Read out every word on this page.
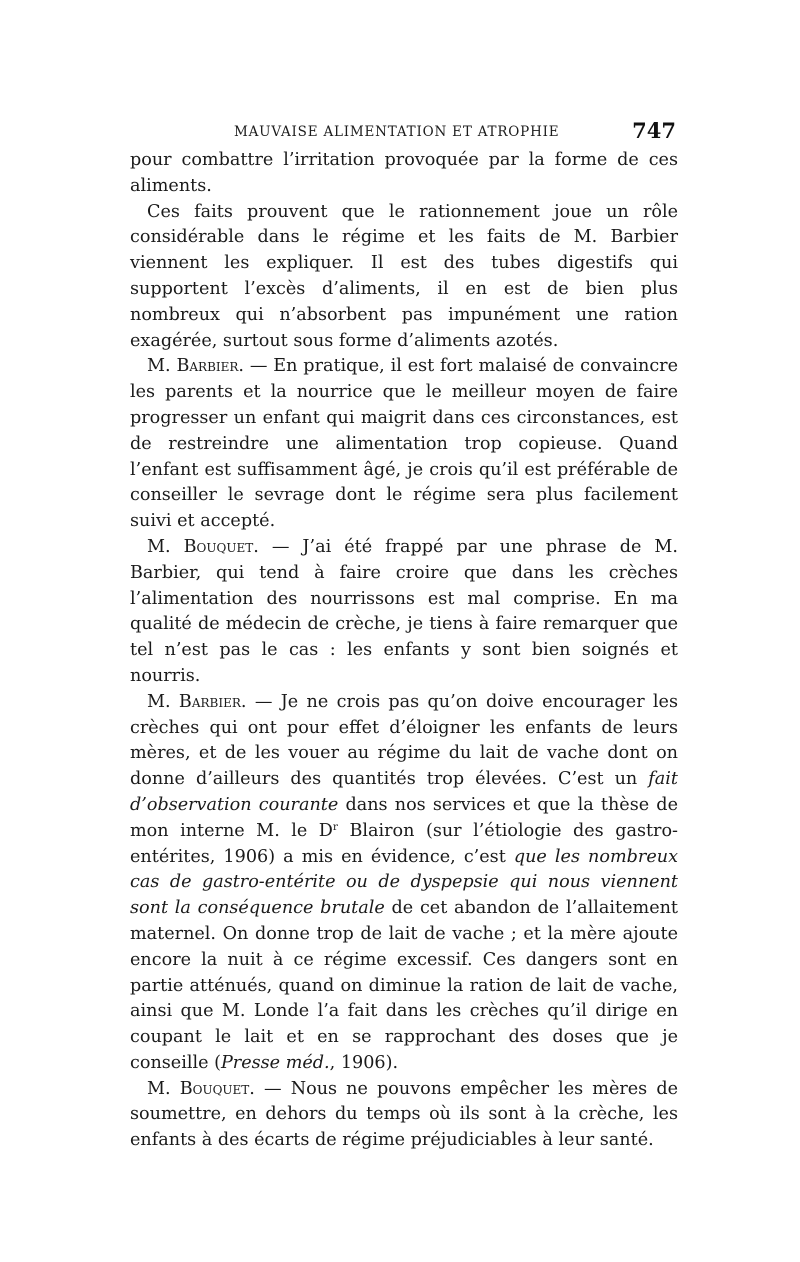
MAUVAISE ALIMENTATION ET ATROPHIE	747

pour combattre l’irritation provoquée par la forme de ces aliments.

Ces faits prouvent que le rationnement joue un rôle considérable dans le régime et les faits de M. Barbier viennent les expliquer. Il est des tubes digestifs qui supportent l’excès d’aliments, il en est de bien plus nombreux qui n’absorbent pas impunément une ration exagérée, surtout sous forme d’aliments azotés.

M. Barbier. — En pratique, il est fort malaisé de convaincre les parents et la nourrice que le meilleur moyen de faire progresser un enfant qui maigrit dans ces circonstances, est de restreindre une alimentation trop copieuse. Quand l’enfant est suffisamment âgé, je crois qu’il est préférable de conseiller le sevrage dont le régime sera plus facilement suivi et accepté.

M. Bouquet. — J’ai été frappé par une phrase de M. Barbier, qui tend à faire croire que dans les crèches l’alimentation des nourrissons est mal comprise. En ma qualité de médecin de crèche, je tiens à faire remarquer que tel n’est pas le cas : les enfants y sont bien soignés et nourris.

M. Barbier. — Je ne crois pas qu’on doive encourager les crèches qui ont pour effet d’éloigner les enfants de leurs mères, et de les vouer au régime du lait de vache dont on donne d’ailleurs des quantités trop élevées. C’est un fait d’observation courante dans nos services et que la thèse de mon interne M. le $D^r$ Blairon (sur l’étiologie des gastro-entérites, 1906) a mis en évidence, c’est que les nombreux cas de gastro-entérite ou de dyspepsie qui nous viennent sont la conséquence brutale de cet abandon de l’allaitement maternel. On donne trop de lait de vache ; et la mère ajoute encore la nuit à ce régime excessif. Ces dangers sont en partie atténués, quand on diminue la ration de lait de vache, ainsi que M. Londe l’a fait dans les crèches qu’il dirige en coupant le lait et en se rapprochant des doses que je conseille (Presse méd., 1906).

M. Bouquet. — Nous ne pouvons empêcher les mères de soumettre, en dehors du temps où ils sont à la crèche, les enfants à des écarts de régime préjudiciables à leur santé.
